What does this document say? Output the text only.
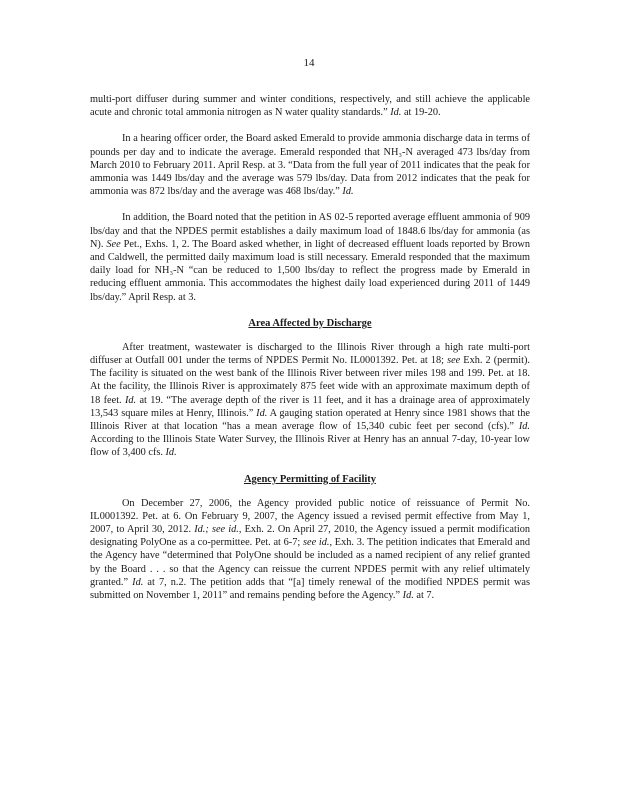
14

multi-port diffuser during summer and winter conditions, respectively, and still achieve the applicable acute and chronic total ammonia nitrogen as N water quality standards.” Id. at 19-20.

In a hearing officer order, the Board asked Emerald to provide ammonia discharge data in terms of pounds per day and to indicate the average. Emerald responded that NH₃-N averaged 473 lbs/day from March 2010 to February 2011. April Resp. at 3. “Data from the full year of 2011 indicates that the peak for ammonia was 1449 lbs/day and the average was 579 lbs/day. Data from 2012 indicates that the peak for ammonia was 872 lbs/day and the average was 468 lbs/day.” Id.

In addition, the Board noted that the petition in AS 02-5 reported average effluent ammonia of 909 lbs/day and that the NPDES permit establishes a daily maximum load of 1848.6 lbs/day for ammonia (as N). See Pet., Exhs. 1, 2. The Board asked whether, in light of decreased effluent loads reported by Brown and Caldwell, the permitted daily maximum load is still necessary. Emerald responded that the maximum daily load for NH₃-N “can be reduced to 1,500 lbs/day to reflect the progress made by Emerald in reducing effluent ammonia. This accommodates the highest daily load experienced during 2011 of 1449 lbs/day.” April Resp. at 3.

Area Affected by Discharge

After treatment, wastewater is discharged to the Illinois River through a high rate multi-port diffuser at Outfall 001 under the terms of NPDES Permit No. IL0001392. Pet. at 18; see Exh. 2 (permit). The facility is situated on the west bank of the Illinois River between river miles 198 and 199. Pet. at 18. At the facility, the Illinois River is approximately 875 feet wide with an approximate maximum depth of 18 feet. Id. at 19. “The average depth of the river is 11 feet, and it has a drainage area of approximately 13,543 square miles at Henry, Illinois.” Id. A gauging station operated at Henry since 1981 shows that the Illinois River at that location “has a mean average flow of 15,340 cubic feet per second (cfs).” Id. According to the Illinois State Water Survey, the Illinois River at Henry has an annual 7-day, 10-year low flow of 3,400 cfs. Id.

Agency Permitting of Facility

On December 27, 2006, the Agency provided public notice of reissuance of Permit No. IL0001392. Pet. at 6. On February 9, 2007, the Agency issued a revised permit effective from May 1, 2007, to April 30, 2012. Id.; see id., Exh. 2. On April 27, 2010, the Agency issued a permit modification designating PolyOne as a co-permittee. Pet. at 6-7; see id., Exh. 3. The petition indicates that Emerald and the Agency have “determined that PolyOne should be included as a named recipient of any relief granted by the Board . . . so that the Agency can reissue the current NPDES permit with any relief ultimately granted.” Id. at 7, n.2. The petition adds that “[a] timely renewal of the modified NPDES permit was submitted on November 1, 2011” and remains pending before the Agency.” Id. at 7.
